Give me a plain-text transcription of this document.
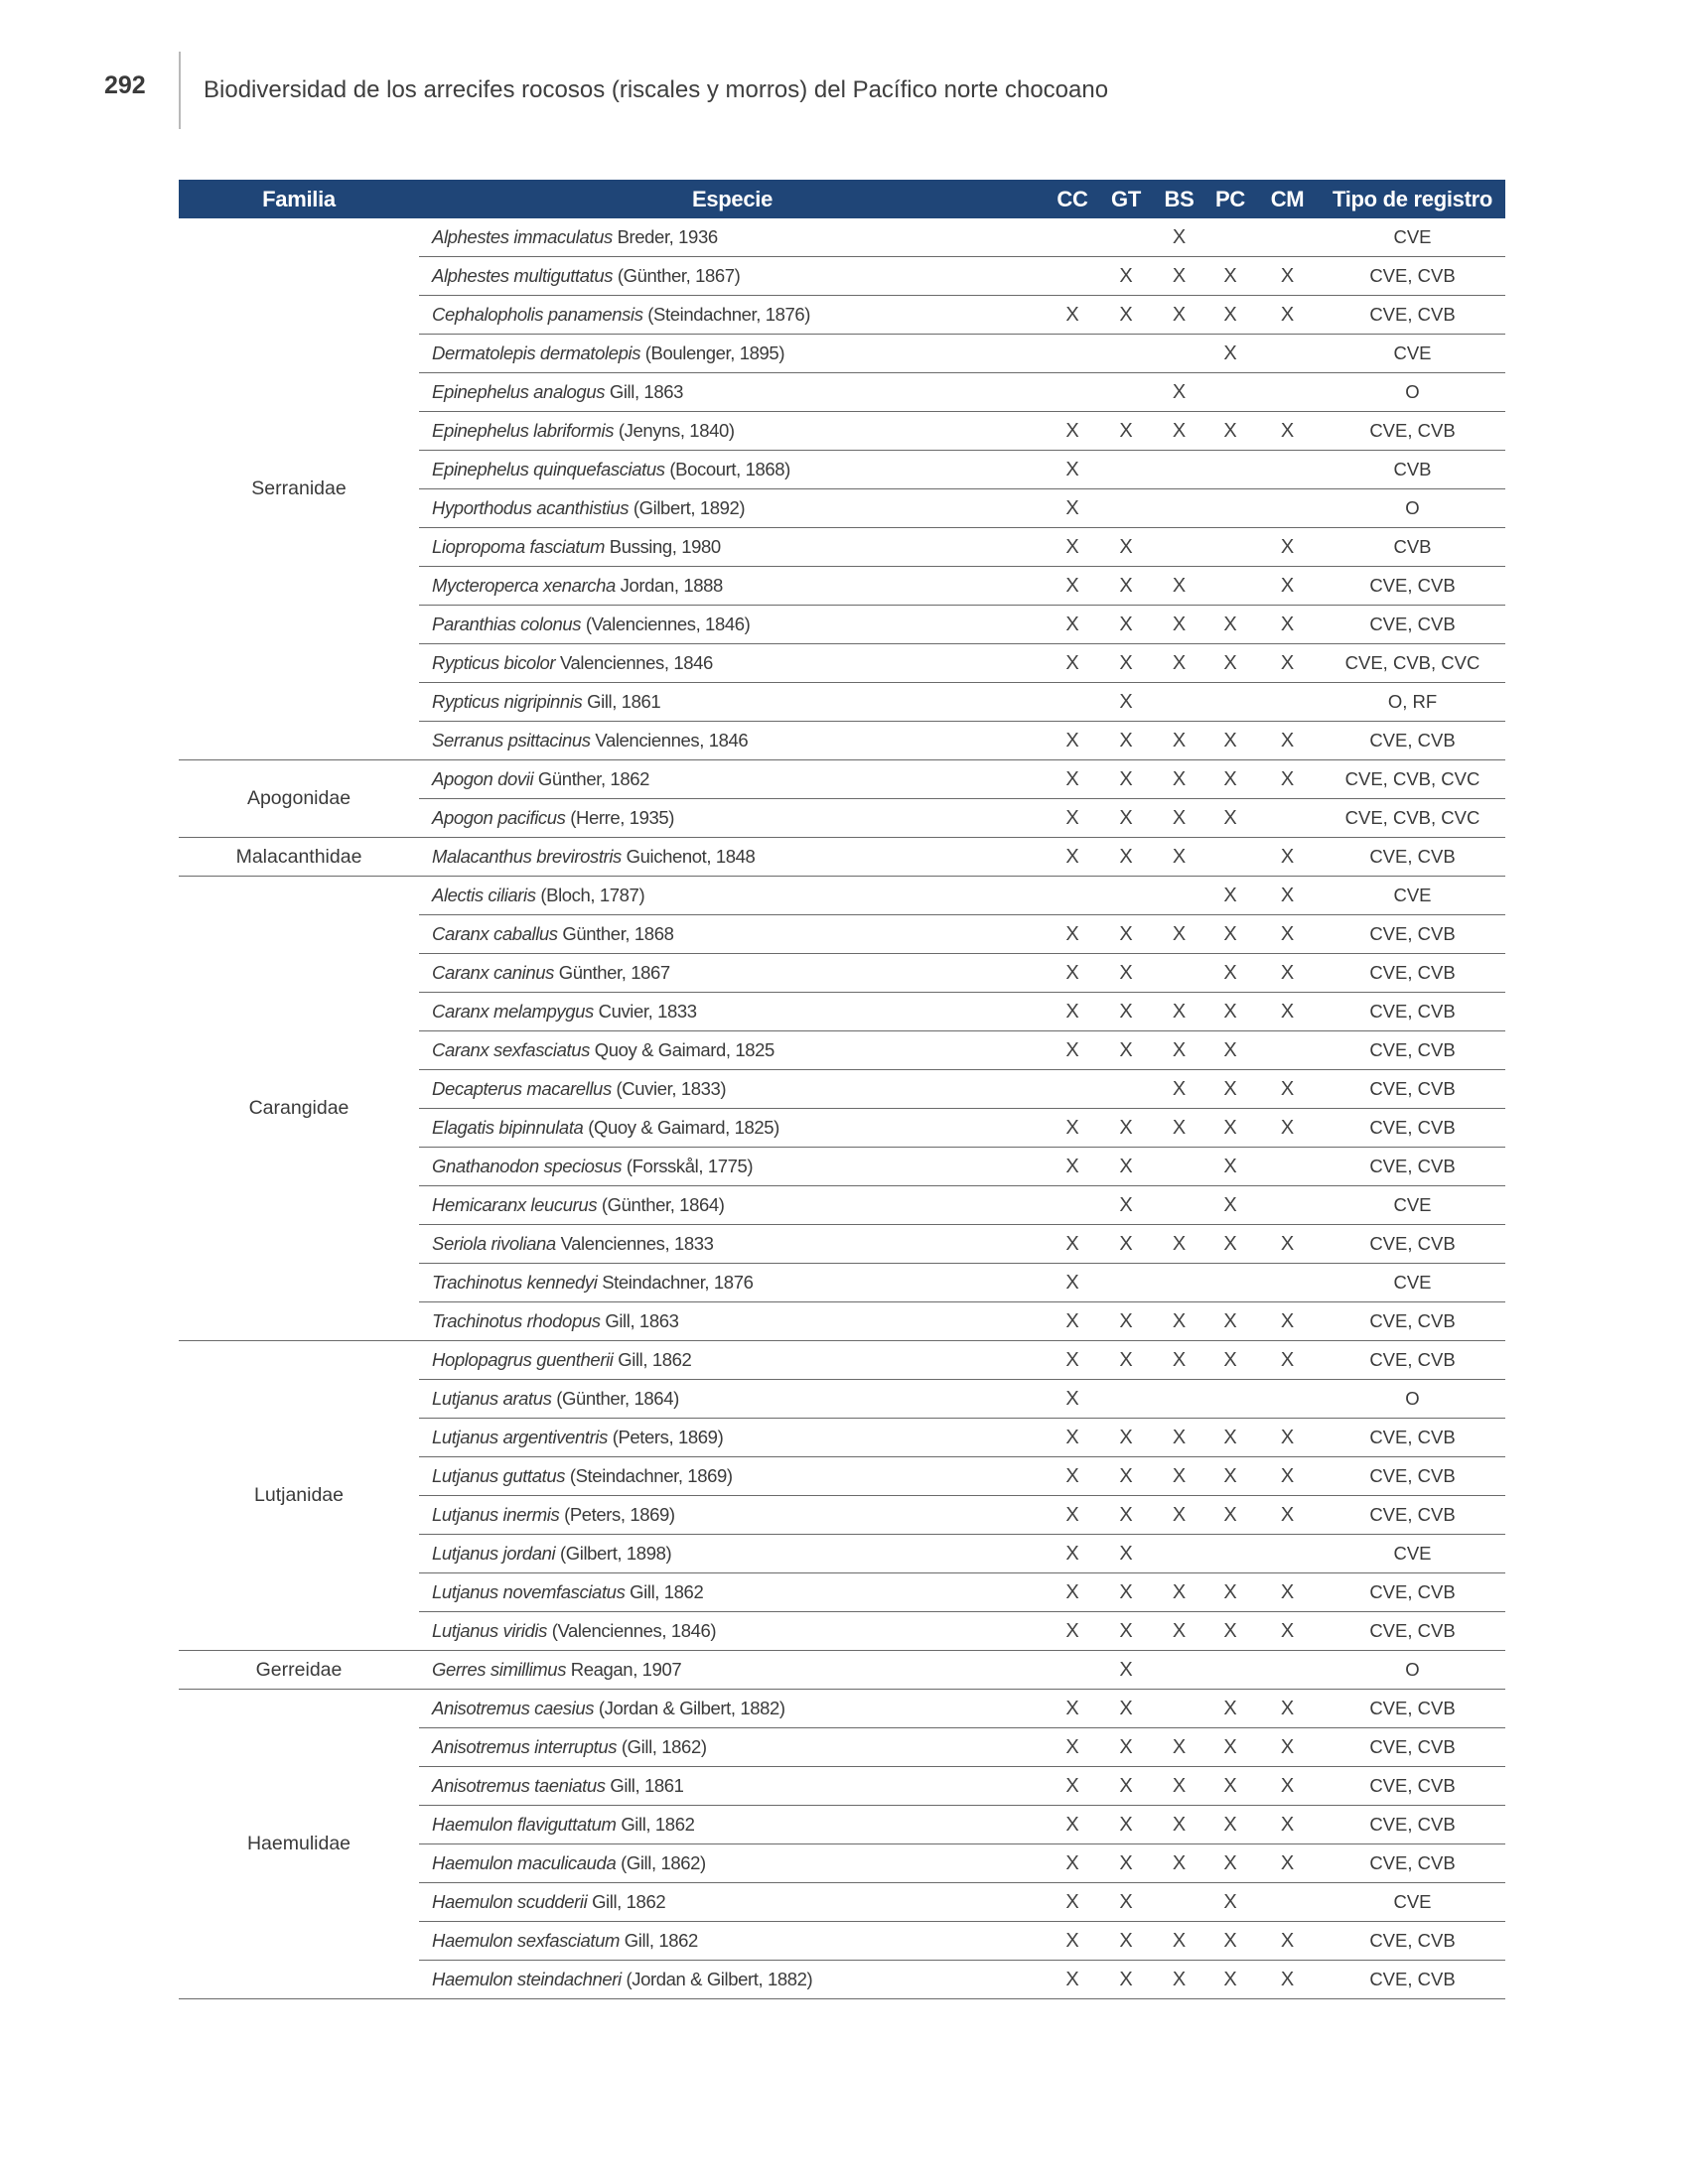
292 Biodiversidad de los arrecifes rocosos (riscales y morros) del Pacífico norte chocoano
Familia	Especie	CC	GT	BS	PC	CM	Tipo de registro
Serranidae	Alphestes immaculatus Breder, 1936			X			CVE
	Alphestes multiguttatus (Günther, 1867)		X	X	X	X	CVE, CVB
	Cephalopholis panamensis (Steindachner, 1876)	X	X	X	X	X	CVE, CVB
	Dermatolepis dermatolepis (Boulenger, 1895)				X		CVE
	Epinephelus analogus Gill, 1863			X			O
	Epinephelus labriformis (Jenyns, 1840)	X	X	X	X	X	CVE, CVB
	Epinephelus quinquefasciatus (Bocourt, 1868)	X					CVB
	Hyporthodus acanthistius (Gilbert, 1892)	X					O
	Liopropoma fasciatum Bussing, 1980	X	X			X	CVB
	Mycteroperca xenarcha Jordan, 1888	X	X	X		X	CVE, CVB
	Paranthias colonus (Valenciennes, 1846)	X	X	X	X	X	CVE, CVB
	Rypticus bicolor Valenciennes, 1846	X	X	X	X	X	CVE, CVB, CVC
	Rypticus nigripinnis Gill, 1861		X				O, RF
	Serranus psittacinus Valenciennes, 1846	X	X	X	X	X	CVE, CVB
Apogonidae	Apogon dovii Günther, 1862	X	X	X	X	X	CVE, CVB, CVC
	Apogon pacificus (Herre, 1935)	X	X	X	X		CVE, CVB, CVC
Malacanthidae	Malacanthus brevirostris Guichenot, 1848	X	X	X		X	CVE, CVB
Carangidae	Alectis ciliaris (Bloch, 1787)				X	X	CVE
	Caranx caballus Günther, 1868	X	X	X	X	X	CVE, CVB
	Caranx caninus Günther, 1867	X	X		X	X	CVE, CVB
	Caranx melampygus Cuvier, 1833	X	X	X	X	X	CVE, CVB
	Caranx sexfasciatus Quoy & Gaimard, 1825	X	X	X	X		CVE, CVB
	Decapterus macarellus (Cuvier, 1833)			X	X	X	CVE, CVB
	Elagatis bipinnulata (Quoy & Gaimard, 1825)	X	X	X	X	X	CVE, CVB
	Gnathanodon speciosus (Forsskål, 1775)	X	X		X		CVE, CVB
	Hemicaranx leucurus (Günther, 1864)		X		X		CVE
	Seriola rivoliana Valenciennes, 1833	X	X	X	X	X	CVE, CVB
	Trachinotus kennedyi Steindachner, 1876	X					CVE
	Trachinotus rhodopus Gill, 1863	X	X	X	X	X	CVE, CVB
Lutjanidae	Hoplopagrus guentherii Gill, 1862	X	X	X	X	X	CVE, CVB
	Lutjanus aratus (Günther, 1864)	X					O
	Lutjanus argentiventris (Peters, 1869)	X	X	X	X	X	CVE, CVB
	Lutjanus guttatus (Steindachner, 1869)	X	X	X	X	X	CVE, CVB
	Lutjanus inermis (Peters, 1869)	X	X	X	X	X	CVE, CVB
	Lutjanus jordani (Gilbert, 1898)	X	X				CVE
	Lutjanus novemfasciatus Gill, 1862	X	X	X	X	X	CVE, CVB
	Lutjanus viridis (Valenciennes, 1846)	X	X	X	X	X	CVE, CVB
Gerreidae	Gerres simillimus Reagan, 1907		X				O
Haemulidae	Anisotremus caesius (Jordan & Gilbert, 1882)	X	X		X	X	CVE, CVB
	Anisotremus interruptus (Gill, 1862)	X	X	X	X	X	CVE, CVB
	Anisotremus taeniatus Gill, 1861	X	X	X	X	X	CVE, CVB
	Haemulon flaviguttatum Gill, 1862	X	X	X	X	X	CVE, CVB
	Haemulon maculicauda (Gill, 1862)	X	X	X	X	X	CVE, CVB
	Haemulon scudderii Gill, 1862	X	X		X		CVE
	Haemulon sexfasciatum Gill, 1862	X	X	X	X	X	CVE, CVB
	Haemulon steindachneri (Jordan & Gilbert, 1882)	X	X	X	X	X	CVE, CVB
